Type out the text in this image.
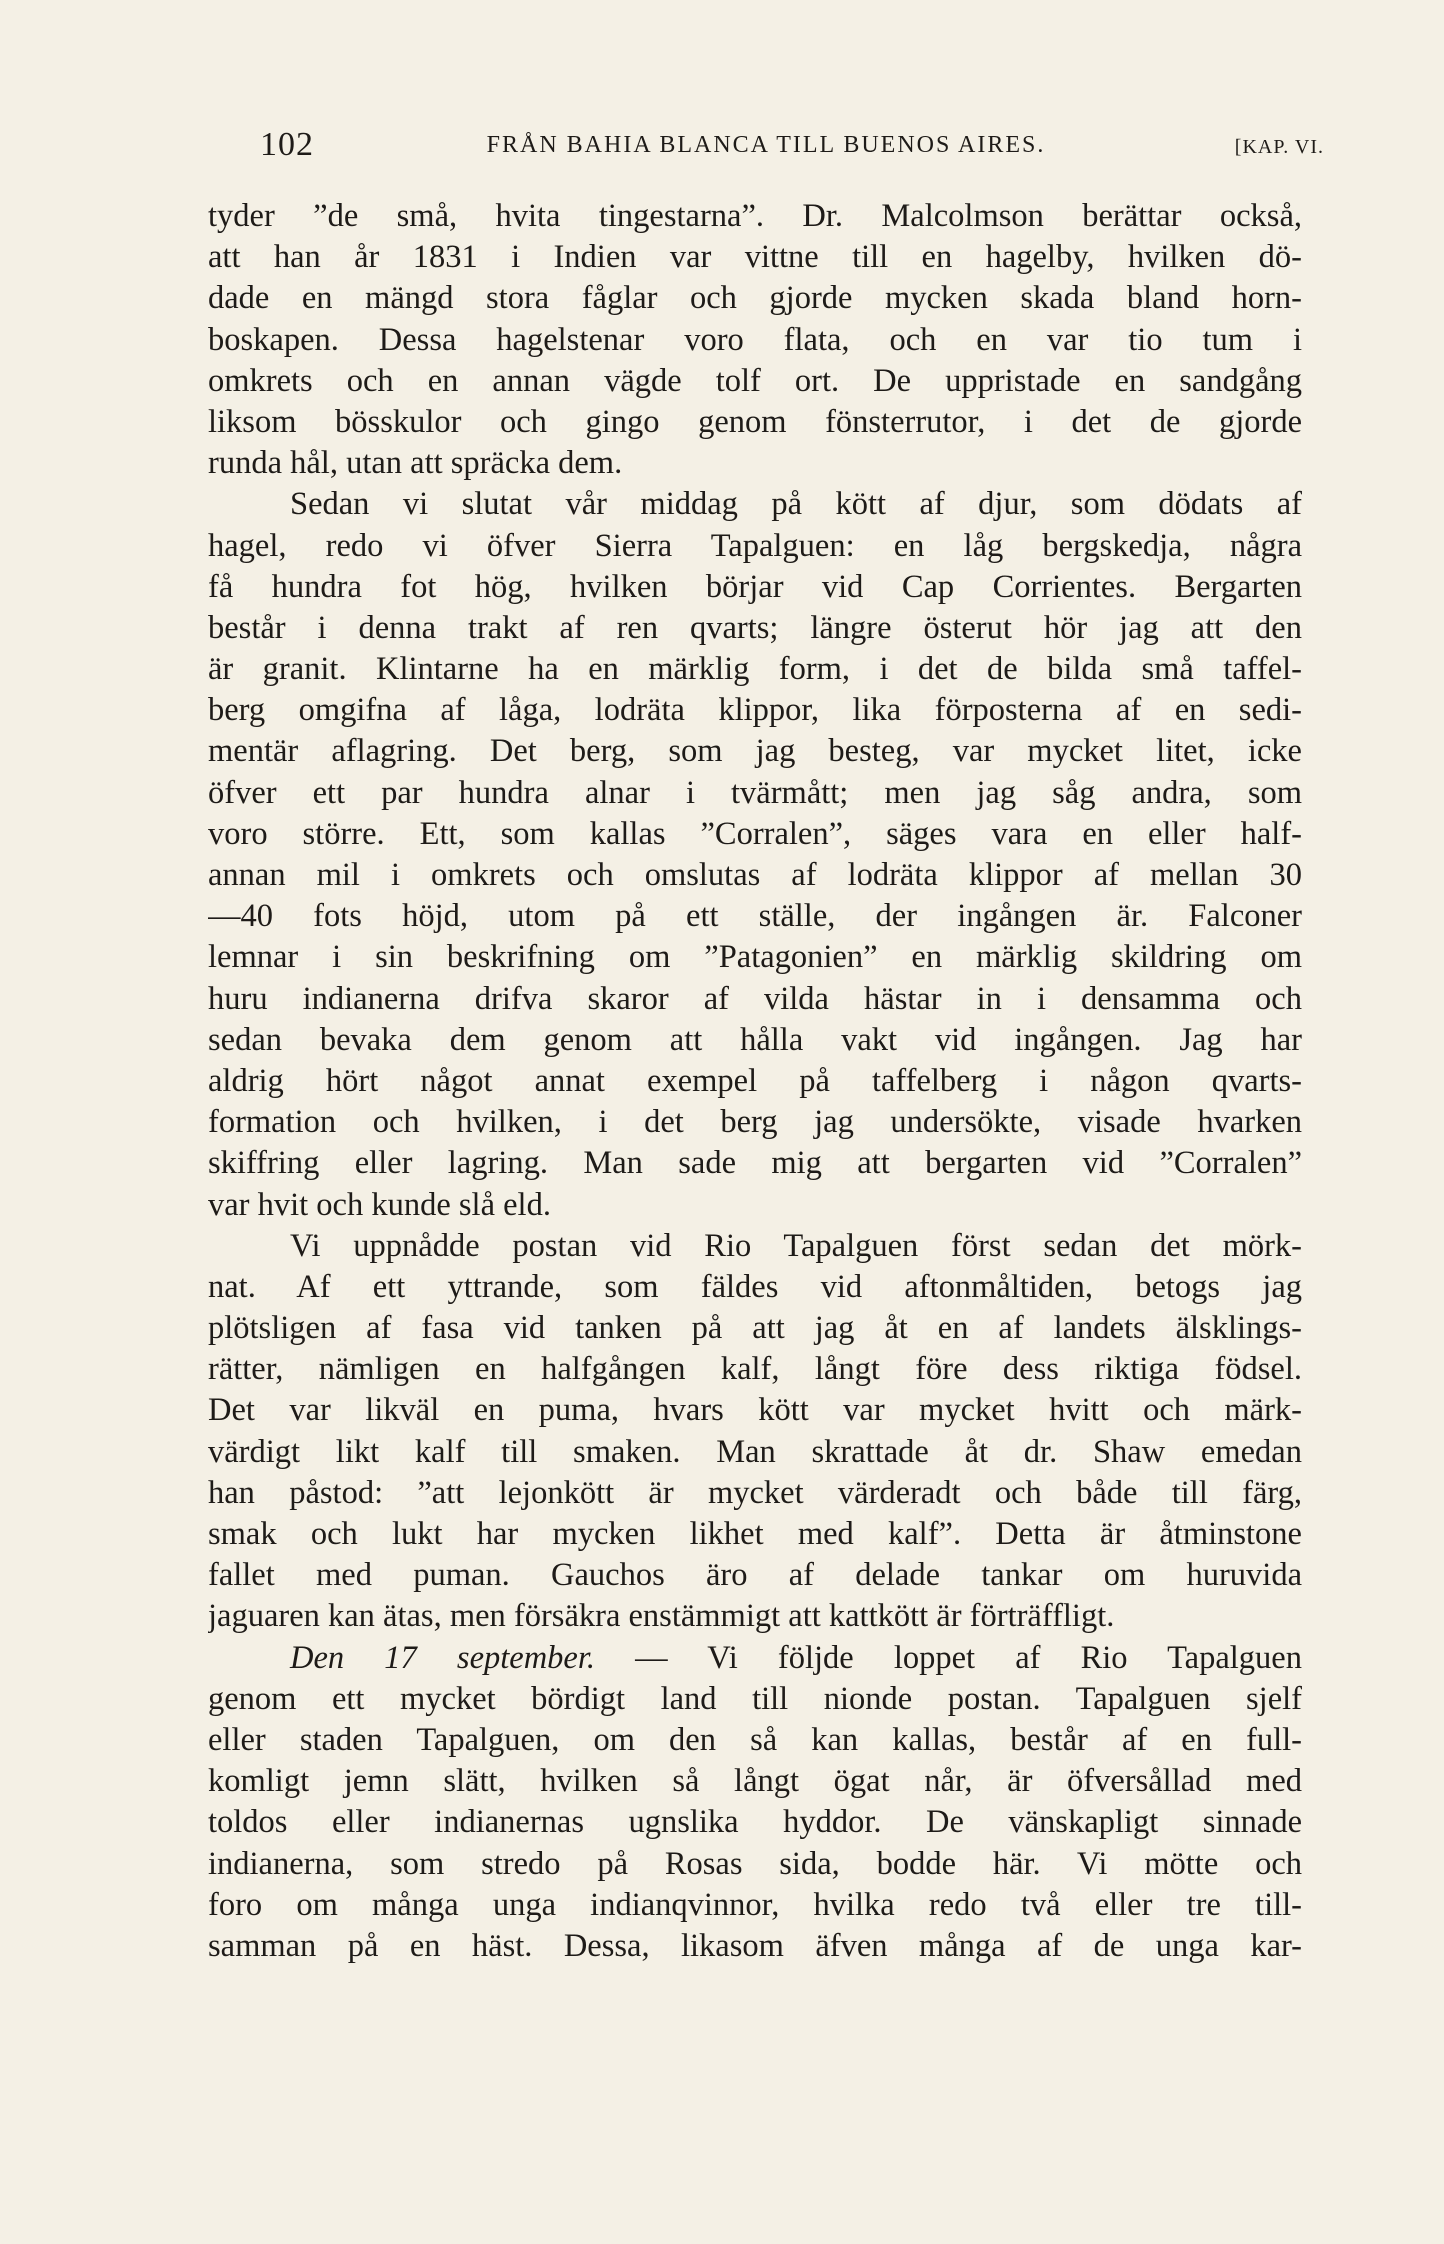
102	FRÅN BAHIA BLANCA TILL BUENOS AIRES.	[KAP. VI.
tyder ”de små, hvita tingestarna”. Dr. Malcolmson berättar också,
att han år 1831 i Indien var vittne till en hagelby, hvilken dö-
dade en mängd stora fåglar och gjorde mycken skada bland horn-
boskapen. Dessa hagelstenar voro flata, och en var tio tum i
omkrets och en annan vägde tolf ort. De uppristade en sandgång
liksom bösskulor och gingo genom fönsterrutor, i det de gjorde
runda hål, utan att spräcka dem.
Sedan vi slutat vår middag på kött af djur, som dödats af
hagel, redo vi öfver Sierra Tapalguen: en låg bergskedja, några
få hundra fot hög, hvilken börjar vid Cap Corrientes. Bergarten
består i denna trakt af ren qvarts; längre österut hör jag att den
är granit. Klintarne ha en märklig form, i det de bilda små taffel-
berg omgifna af låga, lodräta klippor, lika förposterna af en sedi-
mentär aflagring. Det berg, som jag besteg, var mycket litet, icke
öfver ett par hundra alnar i tvärmått; men jag såg andra, som
voro större. Ett, som kallas ”Corralen”, säges vara en eller half-
annan mil i omkrets och omslutas af lodräta klippor af mellan 30
—40 fots höjd, utom på ett ställe, der ingången är. Falconer
lemnar i sin beskrifning om ”Patagonien” en märklig skildring om
huru indianerna drifva skaror af vilda hästar in i densamma och
sedan bevaka dem genom att hålla vakt vid ingången. Jag har
aldrig hört något annat exempel på taffelberg i någon qvarts-
formation och hvilken, i det berg jag undersökte, visade hvarken
skiffring eller lagring. Man sade mig att bergarten vid ”Corralen”
var hvit och kunde slå eld.
Vi uppnådde postan vid Rio Tapalguen först sedan det mörk-
nat. Af ett yttrande, som fäldes vid aftonmåltiden, betogs jag
plötsligen af fasa vid tanken på att jag åt en af landets älsklings-
rätter, nämligen en halfgången kalf, långt före dess riktiga födsel.
Det var likväl en puma, hvars kött var mycket hvitt och märk-
värdigt likt kalf till smaken. Man skrattade åt dr. Shaw emedan
han påstod: ”att lejonkött är mycket värderadt och både till färg,
smak och lukt har mycken likhet med kalf”. Detta är åtminstone
fallet med puman. Gauchos äro af delade tankar om huruvida
jaguaren kan ätas, men försäkra enstämmigt att kattkött är förträffligt.
Den 17 september. — Vi följde loppet af Rio Tapalguen
genom ett mycket bördigt land till nionde postan. Tapalguen sjelf
eller staden Tapalguen, om den så kan kallas, består af en full-
komligt jemn slätt, hvilken så långt ögat når, är öfversållad med
toldos eller indianernas ugnslika hyddor. De vänskapligt sinnade
indianerna, som stredo på Rosas sida, bodde här. Vi mötte och
foro om många unga indianqvinnor, hvilka redo två eller tre till-
samman på en häst. Dessa, likasom äfven många af de unga kar-
